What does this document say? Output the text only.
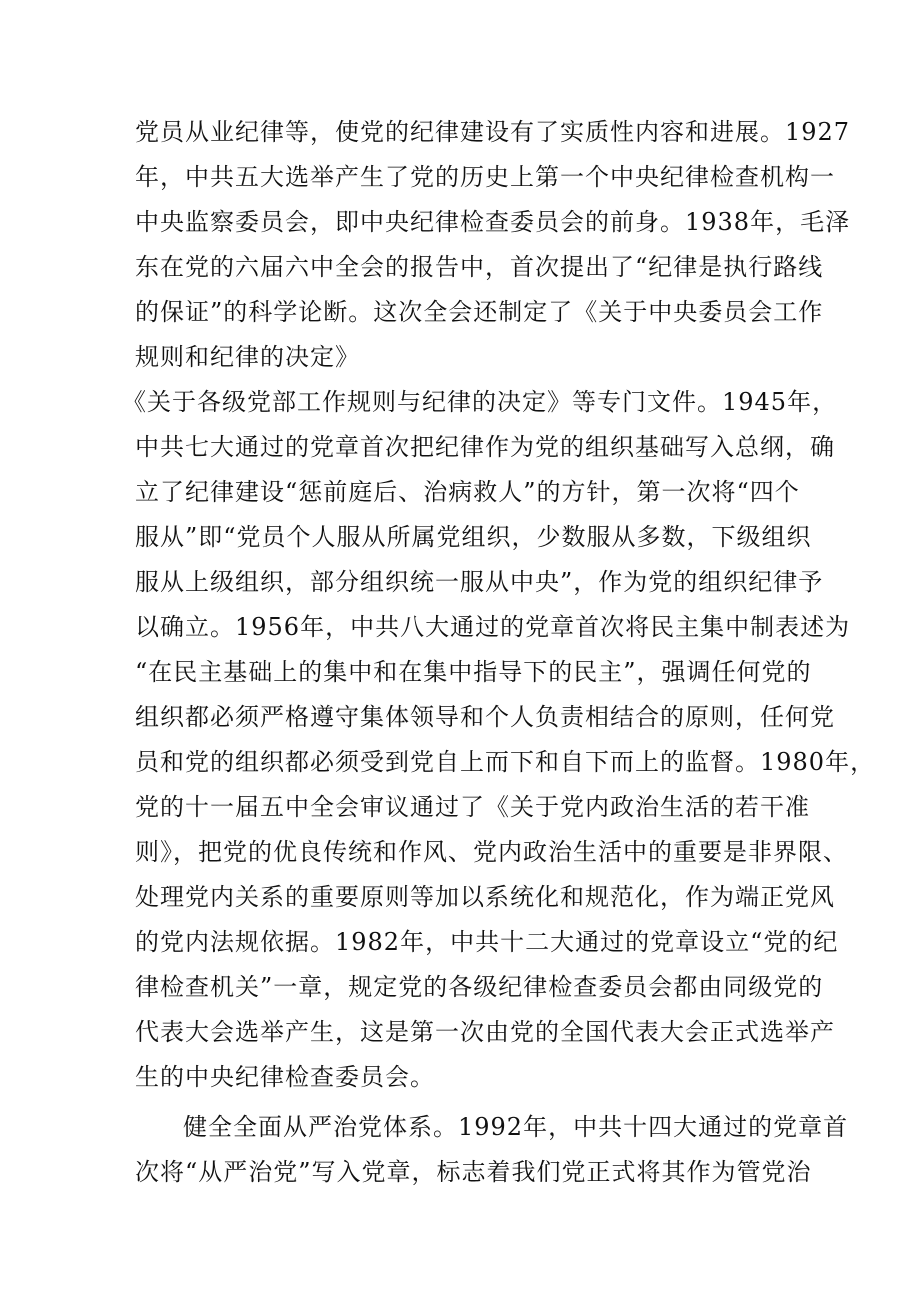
党员从业纪律等，使党的纪律建设有了实质性内容和进展。1927
年，中共五大选举产生了党的历史上第一个中央纪律检查机构一
中央监察委员会，即中央纪律检查委员会的前身。1938年，毛泽
东在党的六届六中全会的报告中，首次提出了“纪律是执行路线
的保证”的科学论断。这次全会还制定了《关于中央委员会工作
规则和纪律的决定》
《关于各级党部工作规则与纪律的决定》等专门文件。1945年，
中共七大通过的党章首次把纪律作为党的组织基础写入总纲，确
立了纪律建设“惩前庭后、治病救人”的方针，第一次将“四个
服从”即“党员个人服从所属党组织，少数服从多数，下级组织
服从上级组织，部分组织统一服从中央”，作为党的组织纪律予
以确立。1956年，中共八大通过的党章首次将民主集中制表述为
“在民主基础上的集中和在集中指导下的民主”，强调任何党的
组织都必须严格遵守集体领导和个人负责相结合的原则，任何党
员和党的组织都必须受到党自上而下和自下而上的监督。1980年，
党的十一届五中全会审议通过了《关于党内政治生活的若干准
则》，把党的优良传统和作风、党内政治生活中的重要是非界限、
处理党内关系的重要原则等加以系统化和规范化，作为端正党风
的党内法规依据。1982年，中共十二大通过的党章设立“党的纪
律检查机关”一章，规定党的各级纪律检查委员会都由同级党的
代表大会选举产生，这是第一次由党的全国代表大会正式选举产
生的中央纪律检查委员会。
健全全面从严治党体系。1992年，中共十四大通过的党章首
次将“从严治党”写入党章，标志着我们党正式将其作为管党治
